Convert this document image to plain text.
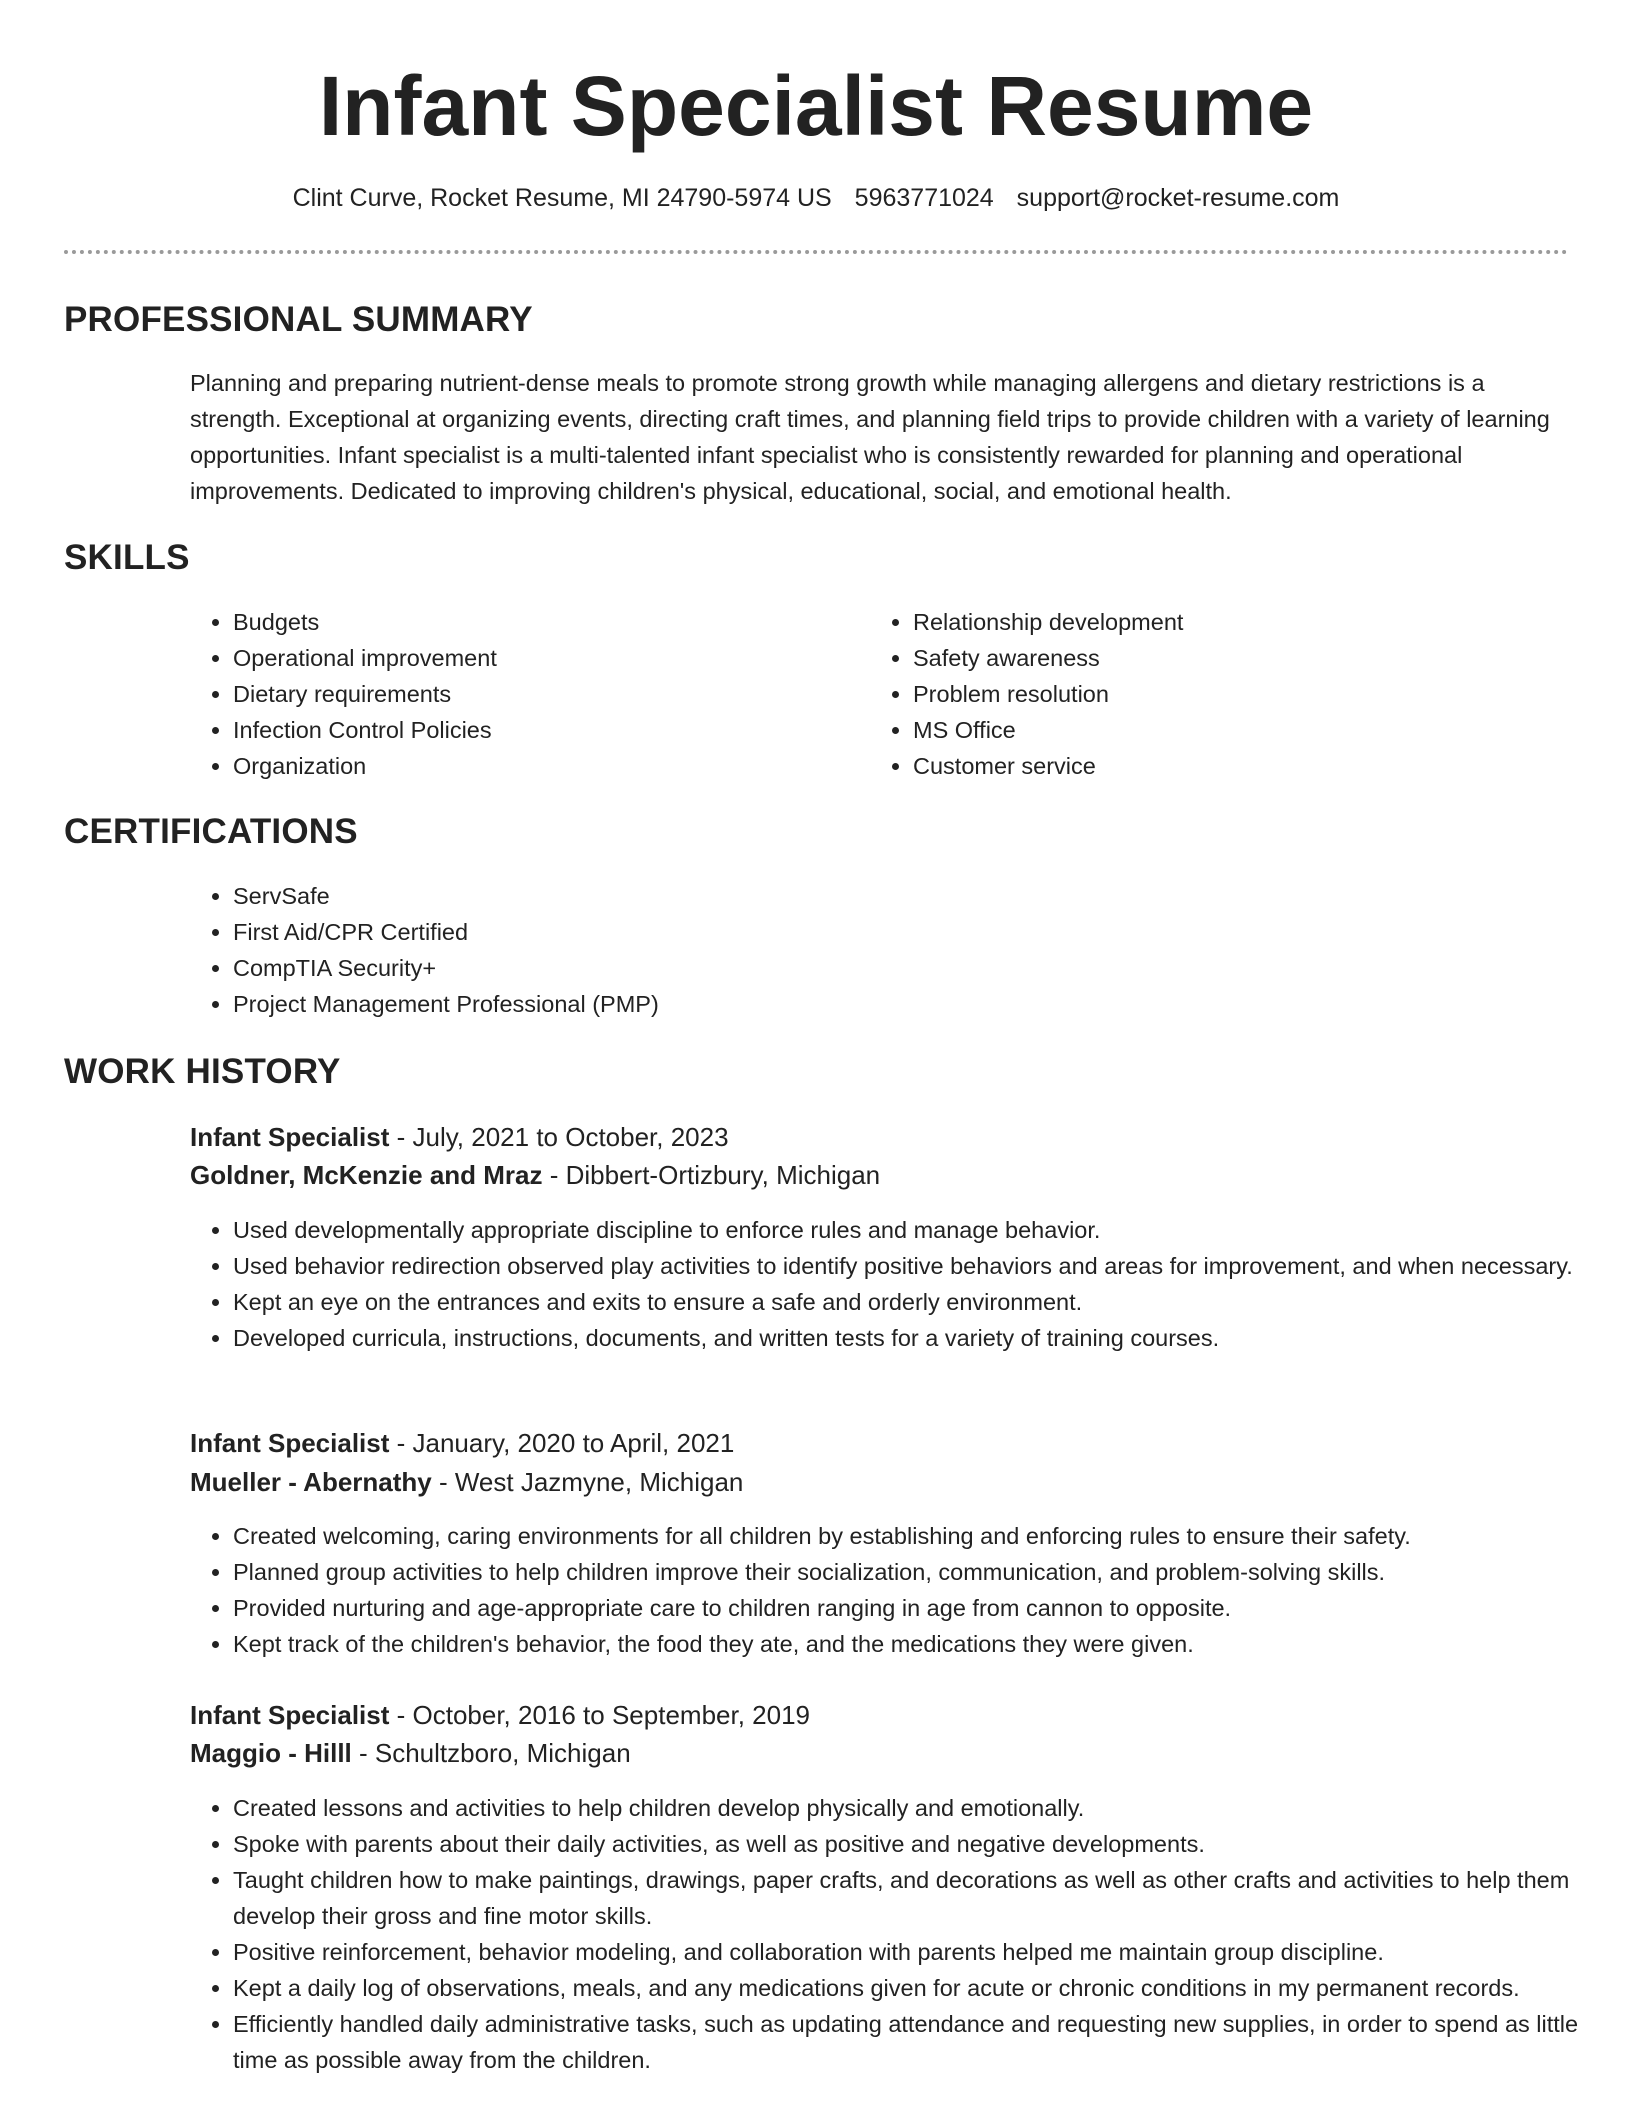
Infant Specialist Resume
Clint Curve, Rocket Resume, MI 24790-5974 US 5963771024 support@rocket-resume.com
PROFESSIONAL SUMMARY

Planning and preparing nutrient-dense meals to promote strong growth while managing allergens and dietary restrictions is a strength. Exceptional at organizing events, directing craft times, and planning field trips to provide children with a variety of learning opportunities. Infant specialist is a multi-talented infant specialist who is consistently rewarded for planning and operational improvements. Dedicated to improving children's physical, educational, social, and emotional health.

SKILLS
• Budgets
• Operational improvement
• Dietary requirements
• Infection Control Policies
• Organization
• Relationship development
• Safety awareness
• Problem resolution
• MS Office
• Customer service
CERTIFICATIONS
• ServSafe
• First Aid/CPR Certified
• CompTIA Security+
• Project Management Professional (PMP)
WORK HISTORY
Infant Specialist - July, 2021 to October, 2023
Goldner, McKenzie and Mraz - Dibbert-Ortizbury, Michigan
• Used developmentally appropriate discipline to enforce rules and manage behavior.
• Used behavior redirection observed play activities to identify positive behaviors and areas for improvement, and when necessary.
• Kept an eye on the entrances and exits to ensure a safe and orderly environment.
• Developed curricula, instructions, documents, and written tests for a variety of training courses.
Infant Specialist - January, 2020 to April, 2021
Mueller - Abernathy - West Jazmyne, Michigan
• Created welcoming, caring environments for all children by establishing and enforcing rules to ensure their safety.
• Planned group activities to help children improve their socialization, communication, and problem-solving skills.
• Provided nurturing and age-appropriate care to children ranging in age from cannon to opposite.
• Kept track of the children's behavior, the food they ate, and the medications they were given.
Infant Specialist - October, 2016 to September, 2019
Maggio - Hilll - Schultzboro, Michigan
• Created lessons and activities to help children develop physically and emotionally.
• Spoke with parents about their daily activities, as well as positive and negative developments.
• Taught children how to make paintings, drawings, paper crafts, and decorations as well as other crafts and activities to help them develop their gross and fine motor skills.
• Positive reinforcement, behavior modeling, and collaboration with parents helped me maintain group discipline.
• Kept a daily log of observations, meals, and any medications given for acute or chronic conditions in my permanent records.
• Efficiently handled daily administrative tasks, such as updating attendance and requesting new supplies, in order to spend as little time as possible away from the children.
